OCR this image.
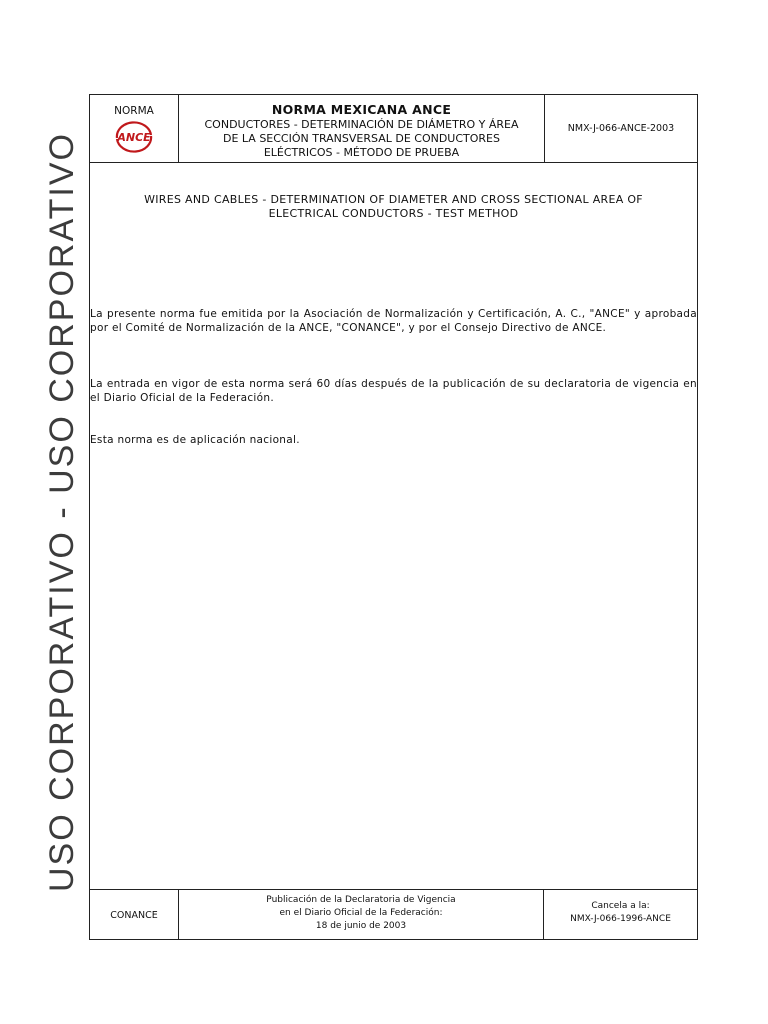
USO CORPORATIVO
-
USO CORPORATIVO
NORMA
ANCE
NORMA MEXICANA ANCE
CONDUCTORES - DETERMINACIÓN DE DIÁMETRO Y ÁREA
DE LA SECCIÓN TRANSVERSAL DE CONDUCTORES
ELÉCTRICOS - MÉTODO DE PRUEBA
NMX-J-066-ANCE-2003
WIRES AND CABLES - DETERMINATION OF DIAMETER AND CROSS SECTIONAL AREA OF
ELECTRICAL CONDUCTORS - TEST METHOD
La presente norma fue emitida por la Asociación de Normalización y Certificación, A. C., "ANCE" y aprobada por el Comité de Normalización de la ANCE, "CONANCE", y por el Consejo Directivo de ANCE.
La entrada en vigor de esta norma será 60 días después de la publicación de su declaratoria de vigencia en el Diario Oficial de la Federación.
Esta norma es de aplicación nacional.
CONANCE
Publicación de la Declaratoria de Vigencia
en el Diario Oficial de la Federación:
18 de junio de 2003
Cancela a la:
NMX-J-066-1996-ANCE
